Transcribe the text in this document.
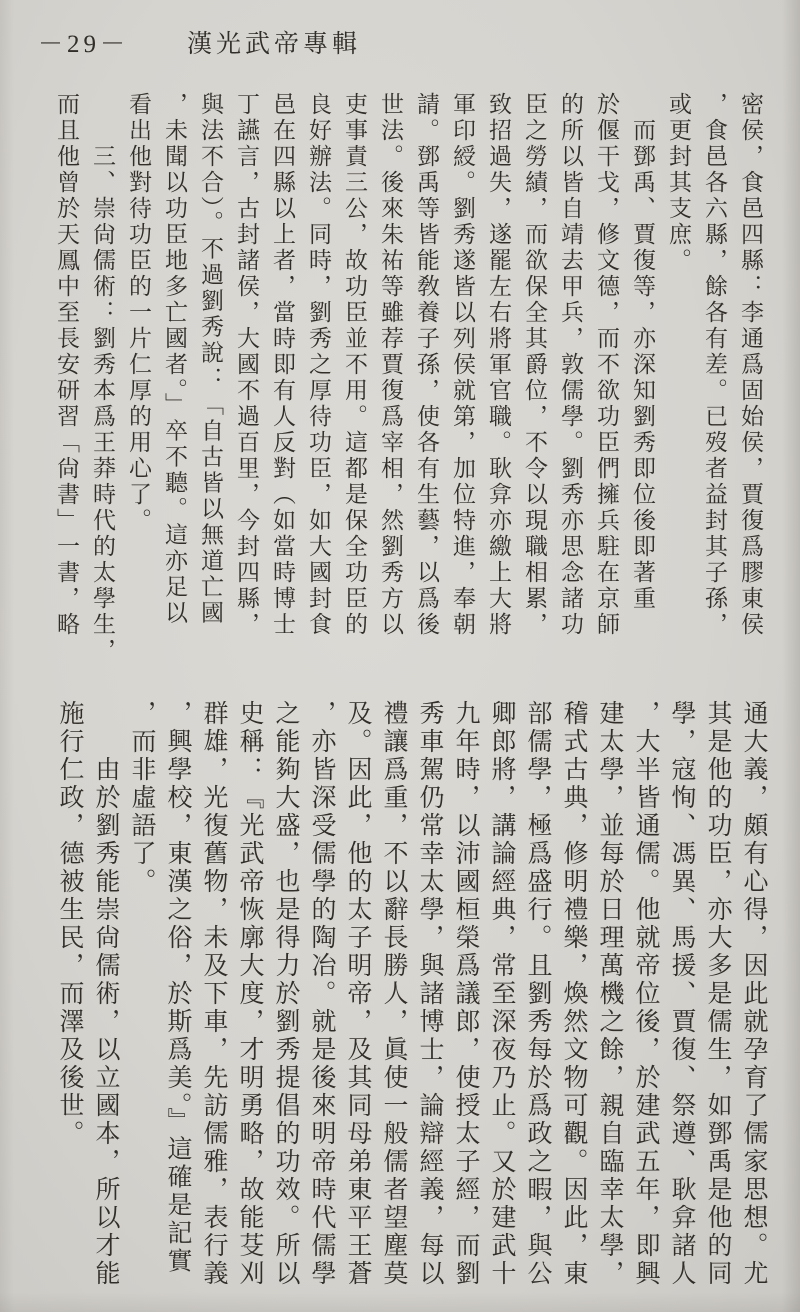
－29－ 漢光武帝專輯
密侯，食邑四縣：李通爲固始侯，賈復爲膠東侯
，食邑各六縣，餘各有差。已歿者益封其子孫，
或更封其支庶。
而鄧禹、賈復等，亦深知劉秀即位後即著重
於偃干戈，修文德，而不欲功臣們擁兵駐在京師
的所以皆自靖去甲兵，敦儒學。劉秀亦思念諸功
臣之勞績，而欲保全其爵位，不令以現職相累，
致招過失，遂罷左右將軍官職。耿弇亦繳上大將
軍印綬。劉秀遂皆以列侯就第，加位特進，奉朝
請。鄧禹等皆能敎養子孫，使各有生藝，以爲後
世法。後來朱祐等雖荐賈復爲宰相，然劉秀方以
吏事責三公，故功臣並不用。這都是保全功臣的
良好辦法。同時，劉秀之厚待功臣，如大國封食
邑在四縣以上者，當時即有人反對（如當時博士
丁讌言，古封諸侯，大國不過百里，今封四縣，
與法不合）。不過劉秀說：「自古皆以無道亡國
，未聞以功臣地多亡國者。」卒不聽。這亦足以
看出他對待功臣的一片仁厚的用心了。
三、崇尙儒術：劉秀本爲王莽時代的太學生，
而且他曾於天鳳中至長安研習「尙書」一書，略
通大義，頗有心得，因此就孕育了儒家思想。尤
其是他的功臣，亦大多是儒生，如鄧禹是他的同
學，寇恂、馮異、馬援、賈復、祭遵、耿弇諸人
，大半皆通儒。他就帝位後，於建武五年，即興
建太學，並每於日理萬機之餘，親自臨幸太學，
稽式古典，修明禮樂，煥然文物可觀。因此，東
部儒學，極爲盛行。且劉秀每於爲政之暇，與公
卿郎將，講論經典，常至深夜乃止。又於建武十
九年時，以沛國桓榮爲議郎，使授太子經，而劉
秀車駕仍常幸太學，與諸博士，論辯經義，每以
禮讓爲重，不以辭長勝人，眞使一般儒者望塵莫
及。因此，他的太子明帝，及其同母弟東平王蒼
，亦皆深受儒學的陶冶。就是後來明帝時代儒學
之能夠大盛，也是得力於劉秀提倡的功效。所以
史稱：『光武帝恢廓大度，才明勇略，故能芟刈
群雄，光復舊物，未及下車，先訪儒雅，表行義
，興學校，東漢之俗，於斯爲美。』這確是記實
，而非虛語了。
由於劉秀能崇尙儒術，以立國本，所以才能
施行仁政，德被生民，而澤及後世。
